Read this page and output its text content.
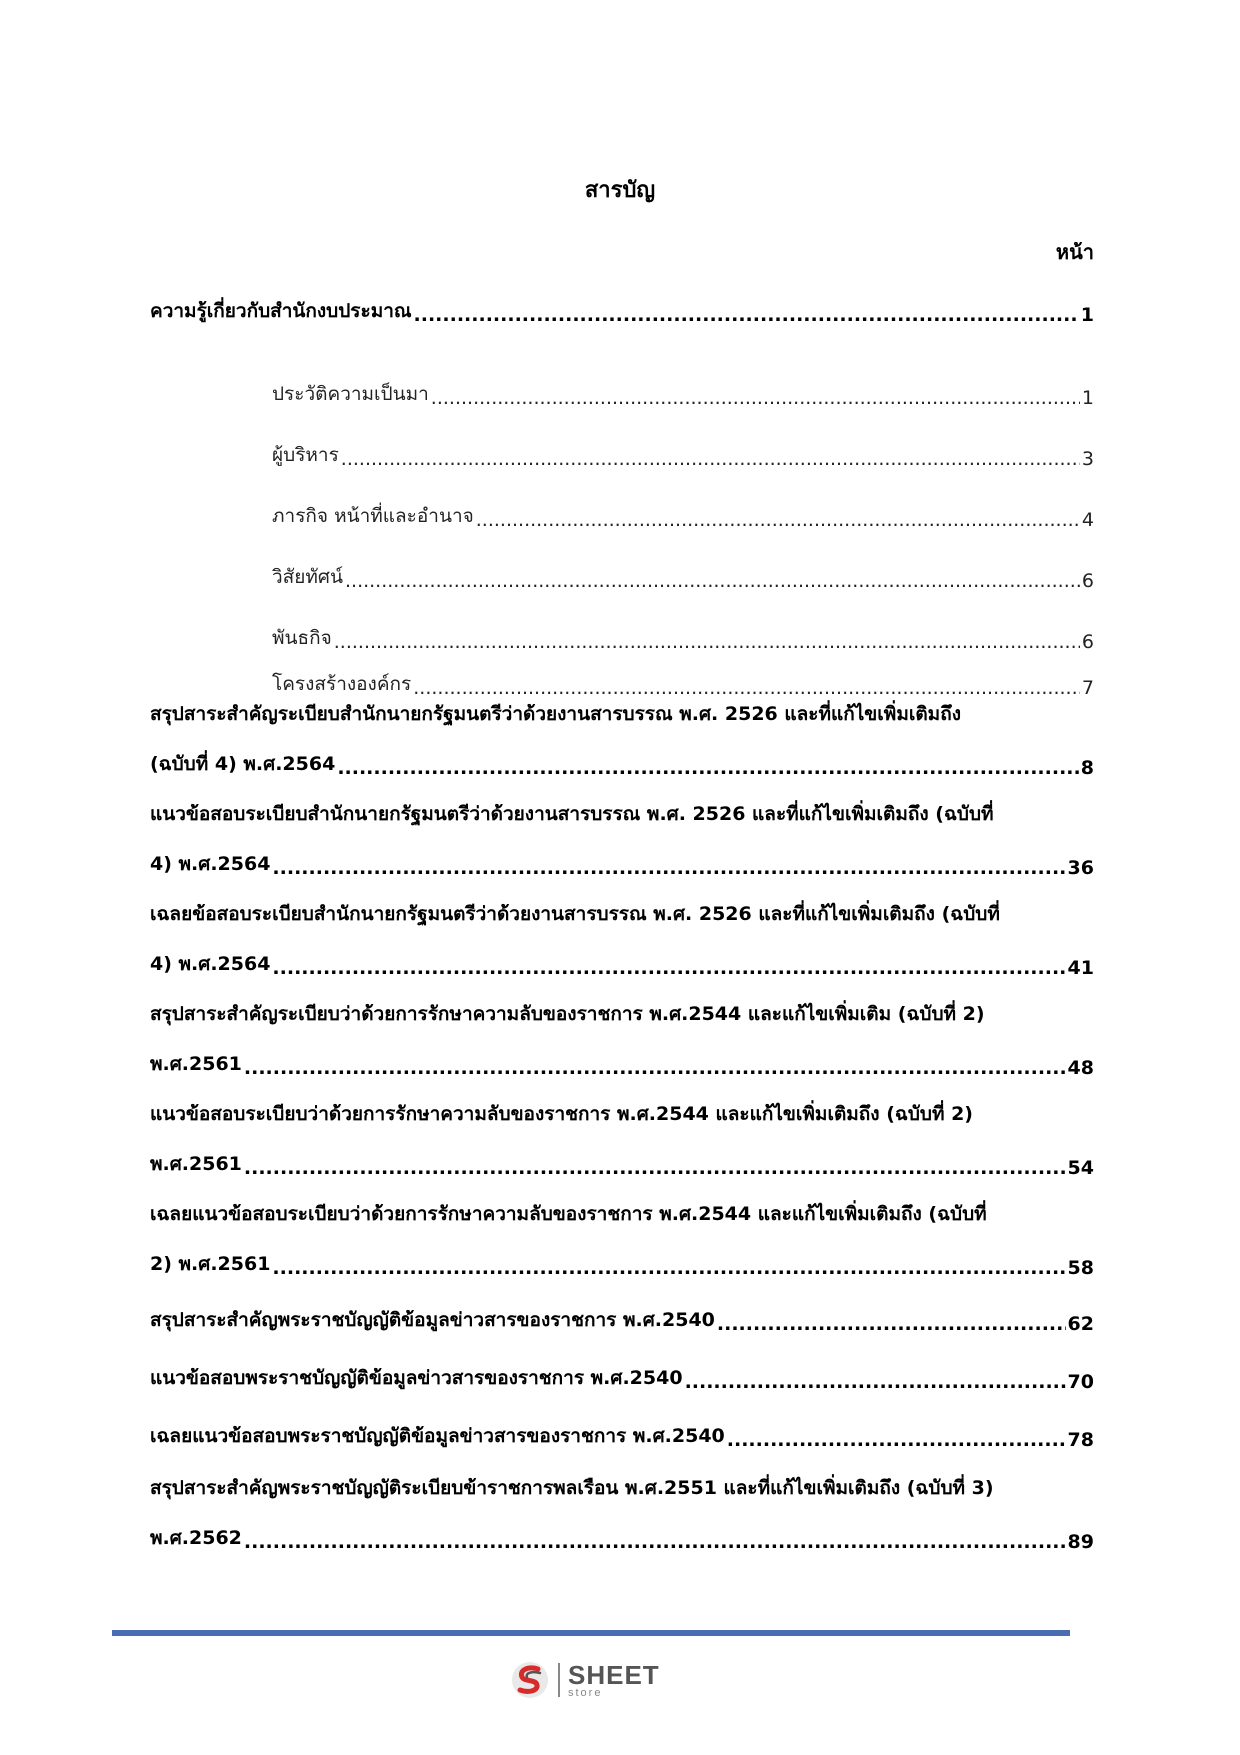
สารบัญ
หน้า
ความรู้เกี่ยวกับสำนักงบประมาณ .....	1
ประวัติความเป็นมา .....	1
ผู้บริหาร .....	3
ภารกิจ หน้าที่และอำนาจ .....	4
วิสัยทัศน์ .....	6
พันธกิจ .....	6
โครงสร้างองค์กร .....	7
สรุปสาระสำคัญระเบียบสำนักนายกรัฐมนตรีว่าด้วยงานสารบรรณ พ.ศ. 2526 และที่แก้ไขเพิ่มเติมถึง
(ฉบับที่ 4) พ.ศ.2564 .....	8
แนวข้อสอบระเบียบสำนักนายกรัฐมนตรีว่าด้วยงานสารบรรณ พ.ศ. 2526 และที่แก้ไขเพิ่มเติมถึง (ฉบับที่
4) พ.ศ.2564 .....	36
เฉลยข้อสอบระเบียบสำนักนายกรัฐมนตรีว่าด้วยงานสารบรรณ พ.ศ. 2526 และที่แก้ไขเพิ่มเติมถึง (ฉบับที่
4) พ.ศ.2564 .....	41
สรุปสาระสำคัญระเบียบว่าด้วยการรักษาความลับของราชการ พ.ศ.2544 และแก้ไขเพิ่มเติม (ฉบับที่ 2)
พ.ศ.2561 .....	48
แนวข้อสอบระเบียบว่าด้วยการรักษาความลับของราชการ พ.ศ.2544 และแก้ไขเพิ่มเติมถึง (ฉบับที่ 2)
พ.ศ.2561 .....	54
เฉลยแนวข้อสอบระเบียบว่าด้วยการรักษาความลับของราชการ พ.ศ.2544 และแก้ไขเพิ่มเติมถึง (ฉบับที่
2) พ.ศ.2561 .....	58
สรุปสาระสำคัญพระราชบัญญัติข้อมูลข่าวสารของราชการ พ.ศ.2540 .....	62
แนวข้อสอบพระราชบัญญัติข้อมูลข่าวสารของราชการ พ.ศ.2540 .....	70
เฉลยแนวข้อสอบพระราชบัญญัติข้อมูลข่าวสารของราชการ พ.ศ.2540 .....	78
สรุปสาระสำคัญพระราชบัญญัติระเบียบข้าราชการพลเรือน พ.ศ.2551 และที่แก้ไขเพิ่มเติมถึง (ฉบับที่ 3)
พ.ศ.2562 .....	89
SHEET
store
